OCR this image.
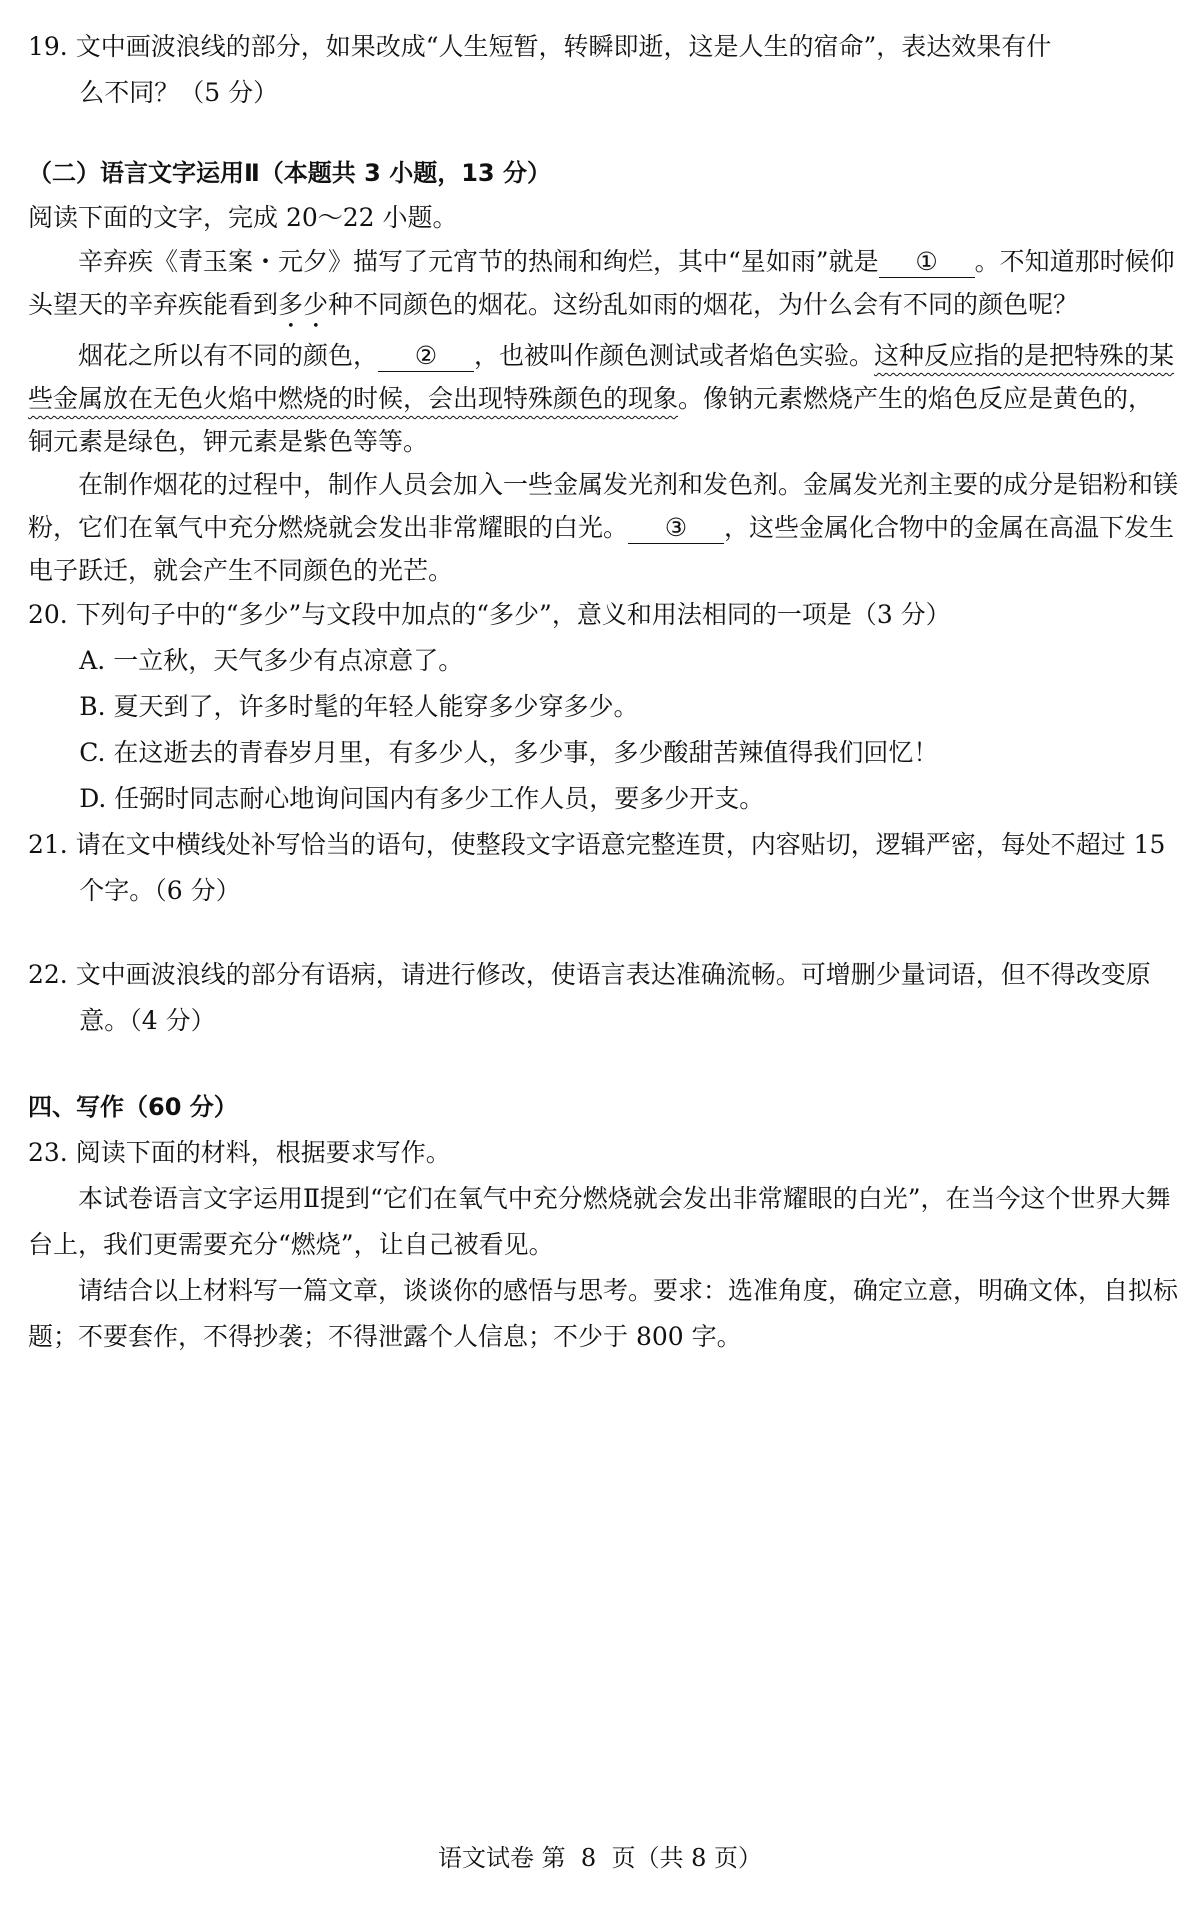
19. 文中画波浪线的部分，如果改成“人生短暂，转瞬即逝，这是人生的宿命”，表达效果有什

么不同？（5 分）

（二）语言文字运用Ⅱ（本题共 3 小题，13 分）

阅读下面的文字，完成 20～22 小题。

辛弃疾《青玉案・元夕》描写了元宵节的热闹和绚烂，其中“星如雨”就是 ① 。不知道那时候仰头望天的辛弃疾能看到多少种不同颜色的烟花。这纷乱如雨的烟花，为什么会有不同的颜色呢？

烟花之所以有不同的颜色， ② ，也被叫作颜色测试或者焰色实验。这种反应指的是把特殊的某些金属放在无色火焰中燃烧的时候，会出现特殊颜色的现象。像钠元素燃烧产生的焰色反应是黄色的，铜元素是绿色，钾元素是紫色等等。

在制作烟花的过程中，制作人员会加入一些金属发光剂和发色剂。金属发光剂主要的成分是铝粉和镁粉，它们在氧气中充分燃烧就会发出非常耀眼的白光。 ③ ，这些金属化合物中的金属在高温下发生电子跃迁，就会产生不同颜色的光芒。

20. 下列句子中的“多少”与文段中加点的“多少”，意义和用法相同的一项是（3 分）

A. 一立秋，天气多少有点凉意了。

B. 夏天到了，许多时髦的年轻人能穿多少穿多少。

C. 在这逝去的青春岁月里，有多少人，多少事，多少酸甜苦辣值得我们回忆！

D. 任弼时同志耐心地询问国内有多少工作人员，要多少开支。

21. 请在文中横线处补写恰当的语句，使整段文字语意完整连贯，内容贴切，逻辑严密，每处不超过 15 个字。（6 分）

22. 文中画波浪线的部分有语病，请进行修改，使语言表达准确流畅。可增删少量词语，但不得改变原意。（4 分）

四、写作（60 分）

23. 阅读下面的材料，根据要求写作。

本试卷语言文字运用Ⅱ提到“它们在氧气中充分燃烧就会发出非常耀眼的白光”，在当今这个世界大舞台上，我们更需要充分“燃烧”，让自己被看见。

请结合以上材料写一篇文章，谈谈你的感悟与思考。要求：选准角度，确定立意，明确文体，自拟标题；不要套作，不得抄袭；不得泄露个人信息；不少于 800 字。

语文试卷 第 8 页（共 8 页）
